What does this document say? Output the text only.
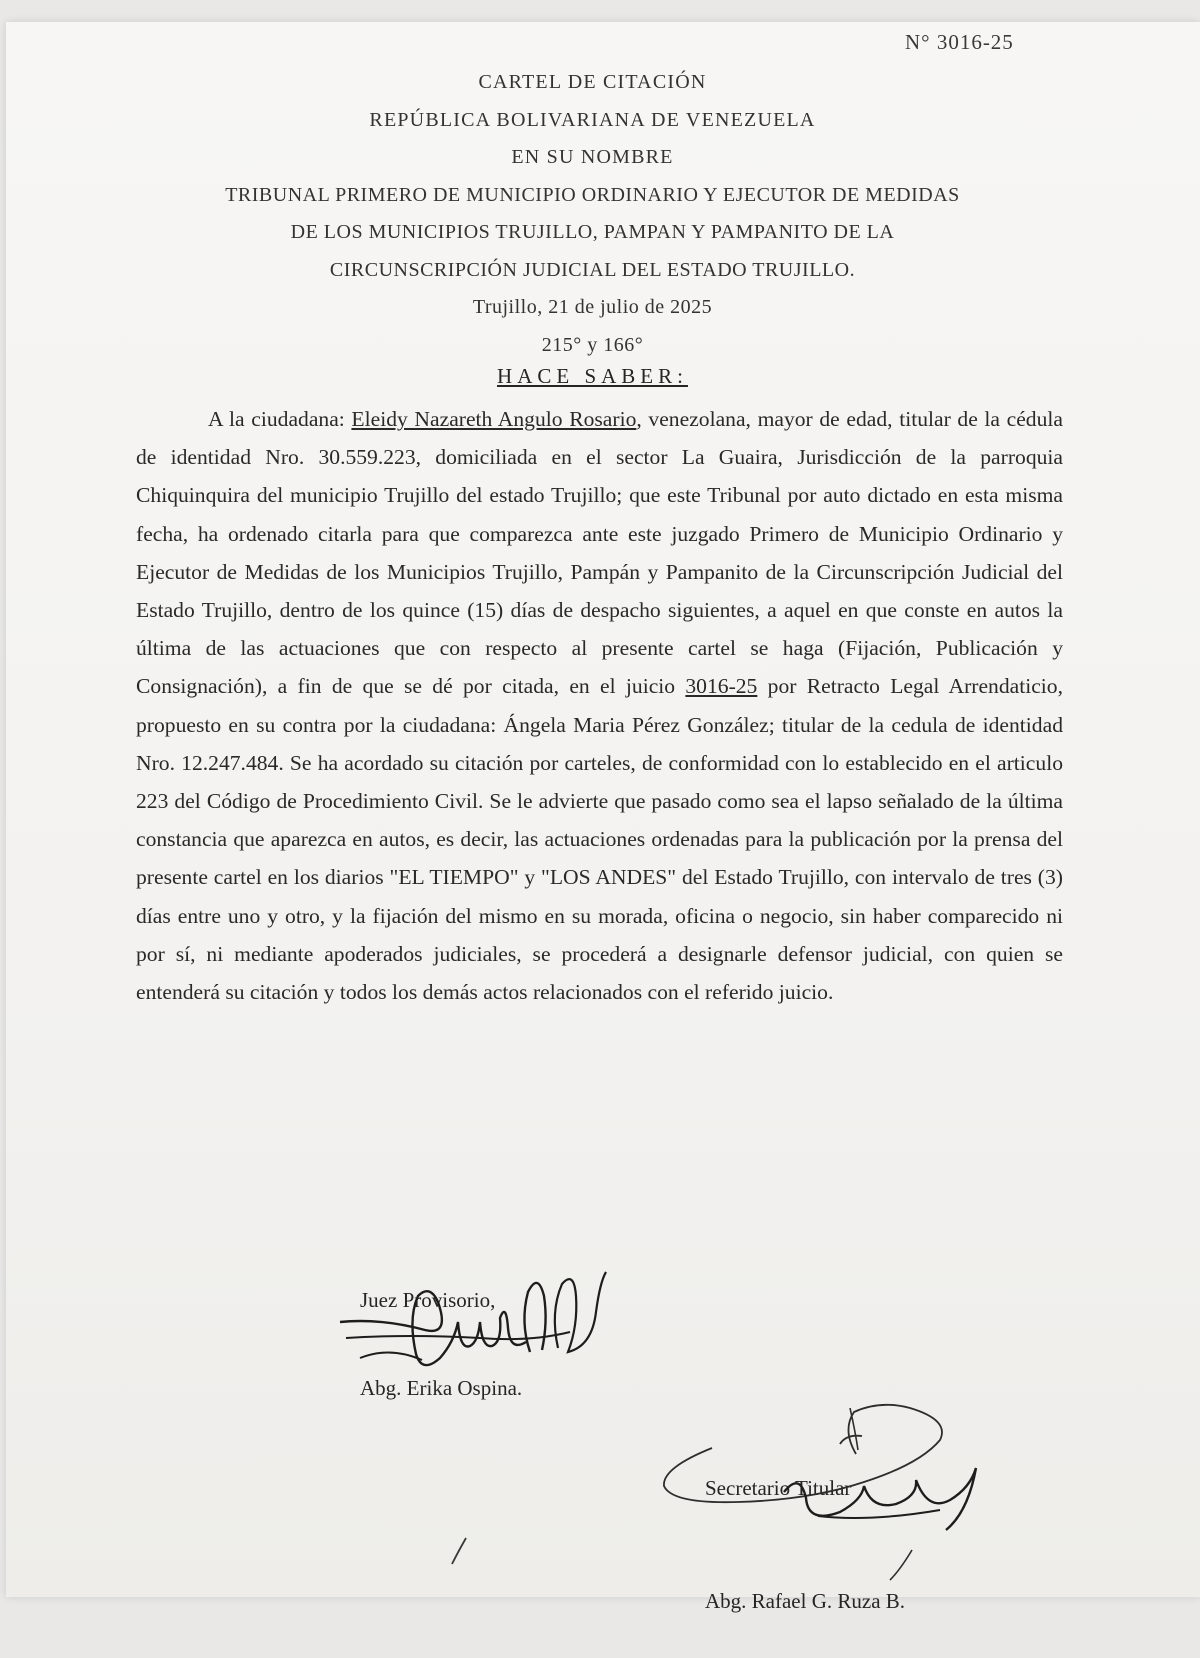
N° 3016-25
CARTEL DE CITACIÓN
REPÚBLICA BOLIVARIANA DE VENEZUELA
EN SU NOMBRE
TRIBUNAL PRIMERO DE MUNICIPIO ORDINARIO Y EJECUTOR DE MEDIDAS
DE LOS MUNICIPIOS TRUJILLO, PAMPAN Y PAMPANITO DE LA
CIRCUNSCRIPCIÓN JUDICIAL DEL ESTADO TRUJILLO.
Trujillo, 21 de julio de 2025
215° y 166°
HACE SABER:

A la ciudadana: Eleidy Nazareth Angulo Rosario, venezolana, mayor de edad, titular de la cédula de identidad Nro. 30.559.223, domiciliada en el sector La Guaira, Jurisdicción de la parroquia Chiquinquira del municipio Trujillo del estado Trujillo; que este Tribunal por auto dictado en esta misma fecha, ha ordenado citarla para que comparezca ante este juzgado Primero de Municipio Ordinario y Ejecutor de Medidas de los Municipios Trujillo, Pampán y Pampanito de la Circunscripción Judicial del Estado Trujillo, dentro de los quince (15) días de despacho siguientes, a aquel en que conste en autos la última de las actuaciones que con respecto al presente cartel se haga (Fijación, Publicación y Consignación), a fin de que se dé por citada, en el juicio 3016-25 por Retracto Legal Arrendaticio, propuesto en su contra por la ciudadana: Ángela Maria Pérez González; titular de la cedula de identidad Nro. 12.247.484. Se ha acordado su citación por carteles, de conformidad con lo establecido en el articulo 223 del Código de Procedimiento Civil. Se le advierte que pasado como sea el lapso señalado de la última constancia que aparezca en autos, es decir, las actuaciones ordenadas para la publicación por la prensa del presente cartel en los diarios "EL TIEMPO" y "LOS ANDES" del Estado Trujillo, con intervalo de tres (3) días entre uno y otro, y la fijación del mismo en su morada, oficina o negocio, sin haber comparecido ni por sí, ni mediante apoderados judiciales, se procederá a designarle defensor judicial, con quien se entenderá su citación y todos los demás actos relacionados con el referido juicio.

Juez Provisorio,
Abg. Erika Ospina.
Secretario Titular
Abg. Rafael G. Ruza B.
